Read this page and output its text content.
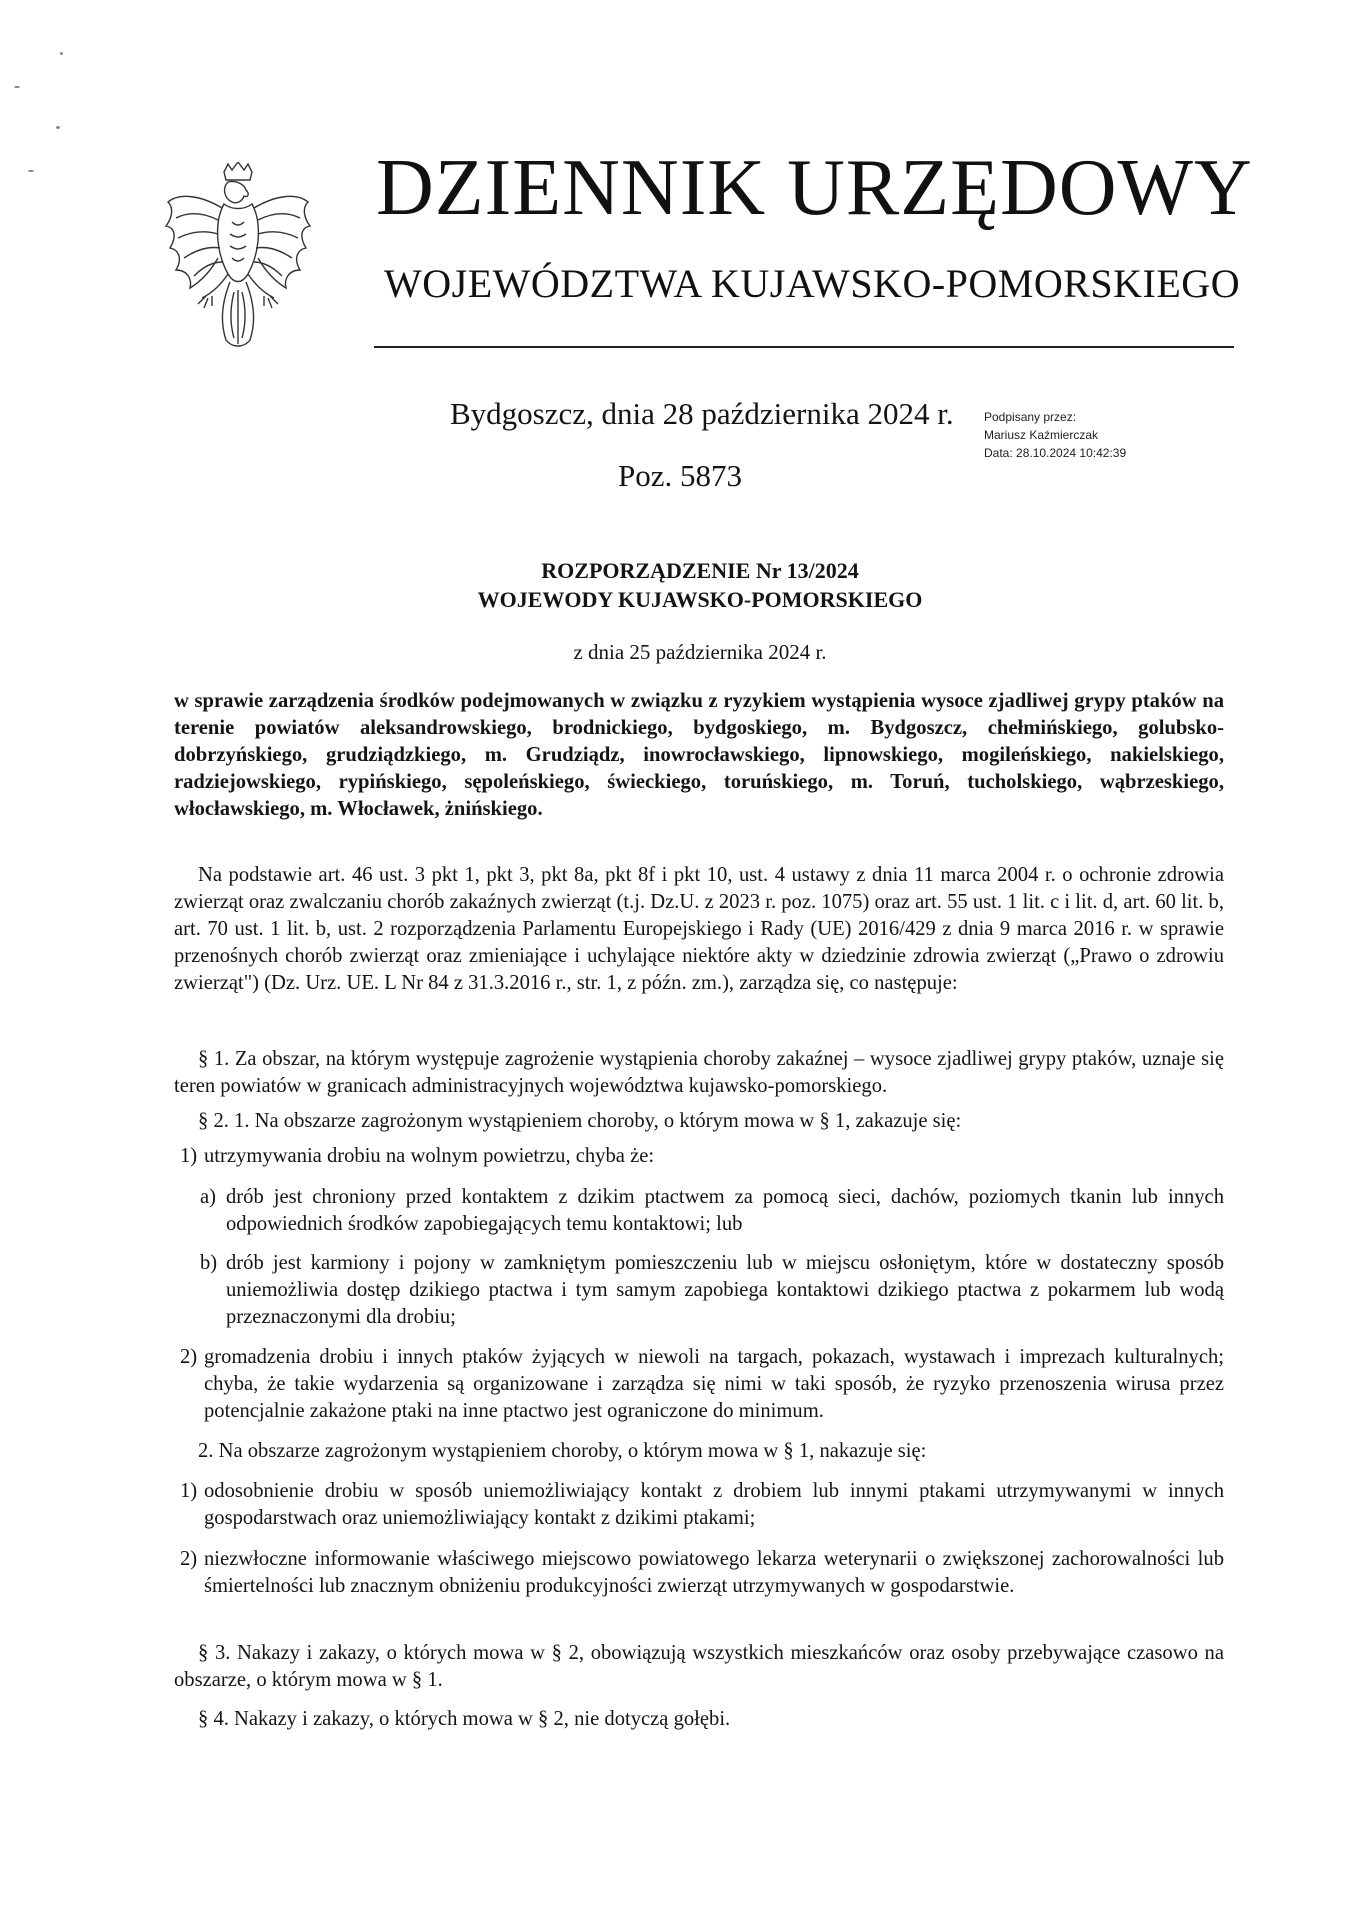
DZIENNIK URZĘDOWY
WOJEWÓDZTWA KUJAWSKO-POMORSKIEGO
Bydgoszcz, dnia 28 października 2024 r.
Poz. 5873
Podpisany przez:
Mariusz Kaźmierczak
Data: 28.10.2024 10:42:39
ROZPORZĄDZENIE Nr 13/2024
WOJEWODY KUJAWSKO-POMORSKIEGO
z dnia 25 października 2024 r.
w sprawie zarządzenia środków podejmowanych w związku z ryzykiem wystąpienia wysoce zjadliwej grypy ptaków na terenie powiatów aleksandrowskiego, brodnickiego, bydgoskiego, m. Bydgoszcz, chełmińskiego, golubsko-dobrzyńskiego, grudziądzkiego, m. Grudziądz, inowrocławskiego, lipnowskiego, mogileńskiego, nakielskiego, radziejowskiego, rypińskiego, sępoleńskiego, świeckiego, toruńskiego, m. Toruń, tucholskiego, wąbrzeskiego, włocławskiego, m. Włocławek, żnińskiego.
Na podstawie art. 46 ust. 3 pkt 1, pkt 3, pkt 8a, pkt 8f i pkt 10, ust. 4 ustawy z dnia 11 marca 2004 r. o ochronie zdrowia zwierząt oraz zwalczaniu chorób zakaźnych zwierząt (t.j. Dz.U. z 2023 r. poz. 1075) oraz art. 55 ust. 1 lit. c i lit. d, art. 60 lit. b, art. 70 ust. 1 lit. b, ust. 2 rozporządzenia Parlamentu Europejskiego i Rady (UE) 2016/429 z dnia 9 marca 2016 r. w sprawie przenośnych chorób zwierząt oraz zmieniające i uchylające niektóre akty w dziedzinie zdrowia zwierząt („Prawo o zdrowiu zwierząt") (Dz. Urz. UE. L Nr 84 z 31.3.2016 r., str. 1, z późn. zm.), zarządza się, co następuje:
§ 1. Za obszar, na którym występuje zagrożenie wystąpienia choroby zakaźnej – wysoce zjadliwej grypy ptaków, uznaje się teren powiatów w granicach administracyjnych województwa kujawsko-pomorskiego.
§ 2. 1. Na obszarze zagrożonym wystąpieniem choroby, o którym mowa w § 1, zakazuje się:
1) utrzymywania drobiu na wolnym powietrzu, chyba że:
a) drób jest chroniony przed kontaktem z dzikim ptactwem za pomocą sieci, dachów, poziomych tkanin lub innych odpowiednich środków zapobiegających temu kontaktowi; lub
b) drób jest karmiony i pojony w zamkniętym pomieszczeniu lub w miejscu osłoniętym, które w dostateczny sposób uniemożliwia dostęp dzikiego ptactwa i tym samym zapobiega kontaktowi dzikiego ptactwa z pokarmem lub wodą przeznaczonymi dla drobiu;
2) gromadzenia drobiu i innych ptaków żyjących w niewoli na targach, pokazach, wystawach i imprezach kulturalnych; chyba, że takie wydarzenia są organizowane i zarządza się nimi w taki sposób, że ryzyko przenoszenia wirusa przez potencjalnie zakażone ptaki na inne ptactwo jest ograniczone do minimum.
2. Na obszarze zagrożonym wystąpieniem choroby, o którym mowa w § 1, nakazuje się:
1) odosobnienie drobiu w sposób uniemożliwiający kontakt z drobiem lub innymi ptakami utrzymywanymi w innych gospodarstwach oraz uniemożliwiający kontakt z dzikimi ptakami;
2) niezwłoczne informowanie właściwego miejscowo powiatowego lekarza weterynarii o zwiększonej zachorowalności lub śmiertelności lub znacznym obniżeniu produkcyjności zwierząt utrzymywanych w gospodarstwie.
§ 3. Nakazy i zakazy, o których mowa w § 2, obowiązują wszystkich mieszkańców oraz osoby przebywające czasowo na obszarze, o którym mowa w § 1.
§ 4. Nakazy i zakazy, o których mowa w § 2, nie dotyczą gołębi.
